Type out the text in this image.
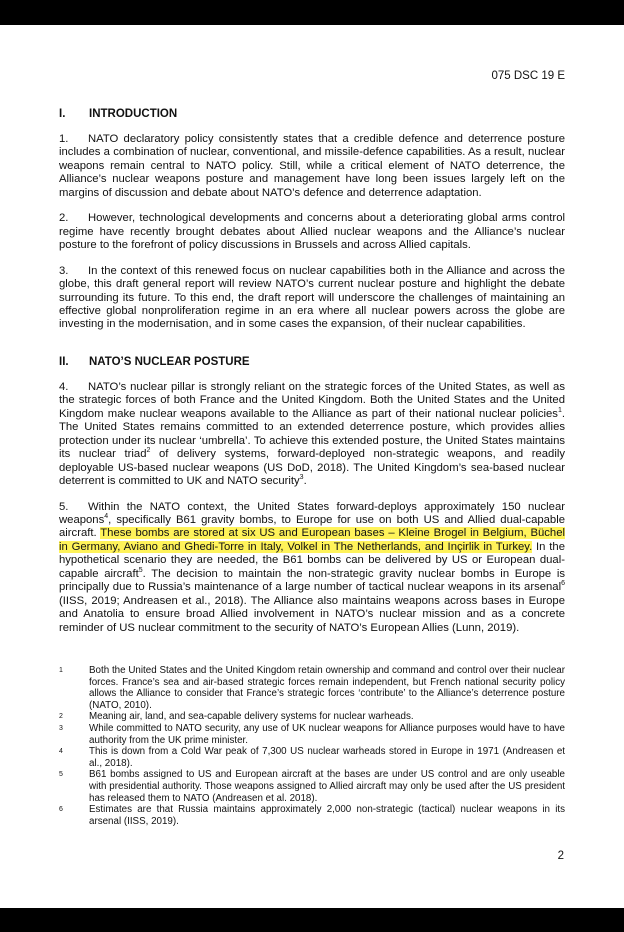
075 DSC 19 E
I. INTRODUCTION

1. NATO declaratory policy consistently states that a credible defence and deterrence posture includes a combination of nuclear, conventional, and missile-defence capabilities. As a result, nuclear weapons remain central to NATO policy. Still, while a critical element of NATO deterrence, the Alliance’s nuclear weapons posture and management have long been issues largely left on the margins of discussion and debate about NATO’s defence and deterrence adaptation.

2. However, technological developments and concerns about a deteriorating global arms control regime have recently brought debates about Allied nuclear weapons and the Alliance’s nuclear posture to the forefront of policy discussions in Brussels and across Allied capitals.

3. In the context of this renewed focus on nuclear capabilities both in the Alliance and across the globe, this draft general report will review NATO’s current nuclear posture and highlight the debate surrounding its future. To this end, the draft report will underscore the challenges of maintaining an effective global nonproliferation regime in an era where all nuclear powers across the globe are investing in the modernisation, and in some cases the expansion, of their nuclear capabilities.

II. NATO’S NUCLEAR POSTURE

4. NATO’s nuclear pillar is strongly reliant on the strategic forces of the United States, as well as the strategic forces of both France and the United Kingdom. Both the United States and the United Kingdom make nuclear weapons available to the Alliance as part of their national nuclear policies$^1$. The United States remains committed to an extended deterrence posture, which provides allies protection under its nuclear ‘umbrella’. To achieve this extended posture, the United States maintains its nuclear triad$^2$ of delivery systems, forward-deployed non-strategic weapons, and readily deployable US-based nuclear weapons (US DoD, 2018). The United Kingdom’s sea-based nuclear deterrent is committed to UK and NATO security$^3$.

5. Within the NATO context, the United States forward-deploys approximately 150 nuclear weapons$^4$, specifically B61 gravity bombs, to Europe for use on both US and Allied dual-capable aircraft. These bombs are stored at six US and European bases – Kleine Brogel in Belgium, Büchel in Germany, Aviano and Ghedi-Torre in Italy, Volkel in The Netherlands, and Inçirlik in Turkey. In the hypothetical scenario they are needed, the B61 bombs can be delivered by US or European dual-capable aircraft$^5$. The decision to maintain the non-strategic gravity nuclear bombs in Europe is principally due to Russia’s maintenance of a large number of tactical nuclear weapons in its arsenal$^6$ (IISS, 2019; Andreasen et al., 2018). The Alliance also maintains weapons across bases in Europe and Anatolia to ensure broad Allied involvement in NATO’s nuclear mission and as a concrete reminder of US nuclear commitment to the security of NATO’s European Allies (Lunn, 2019).

1	Both the United States and the United Kingdom retain ownership and command and control over their nuclear forces. France’s sea and air-based strategic forces remain independent, but French national security policy allows the Alliance to consider that France’s strategic forces ‘contribute’ to the Alliance’s deterrence posture (NATO, 2010).
2	Meaning air, land, and sea-capable delivery systems for nuclear warheads.
3	While committed to NATO security, any use of UK nuclear weapons for Alliance purposes would have to have authority from the UK prime minister.
4	This is down from a Cold War peak of 7,300 US nuclear warheads stored in Europe in 1971 (Andreasen et al., 2018).
5	B61 bombs assigned to US and European aircraft at the bases are under US control and are only useable with presidential authority. Those weapons assigned to Allied aircraft may only be used after the US president has released them to NATO (Andreasen et al. 2018).
6	Estimates are that Russia maintains approximately 2,000 non-strategic (tactical) nuclear weapons in its arsenal (IISS, 2019).
2
